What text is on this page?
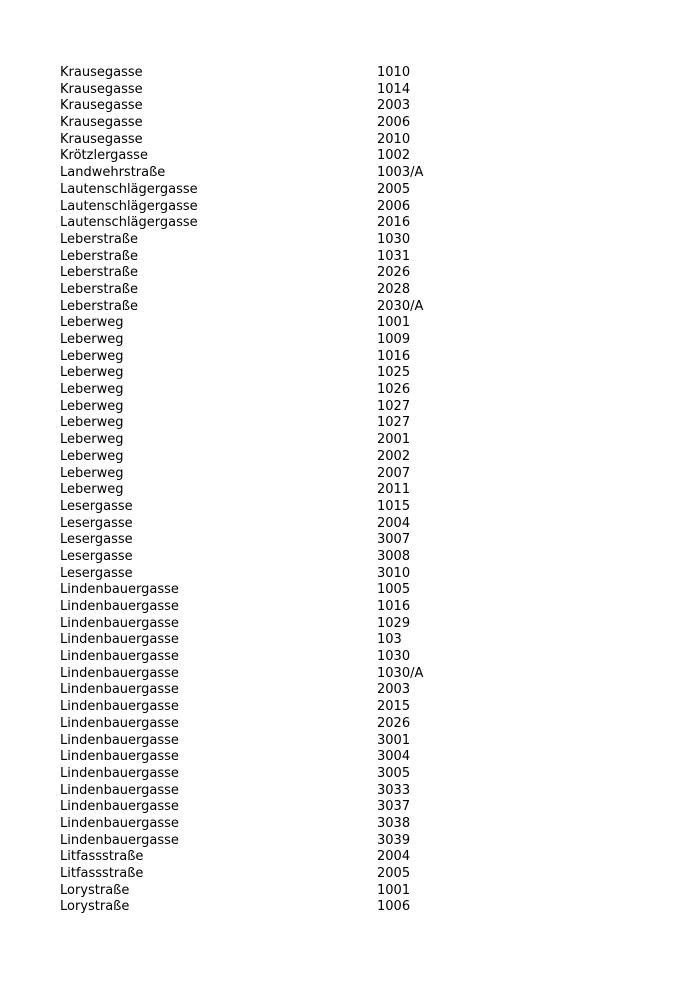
Krausegasse	1010
Krausegasse	1014
Krausegasse	2003
Krausegasse	2006
Krausegasse	2010
Krötzlergasse	1002
Landwehrstraße	1003/A
Lautenschlägergasse	2005
Lautenschlägergasse	2006
Lautenschlägergasse	2016
Leberstraße	1030
Leberstraße	1031
Leberstraße	2026
Leberstraße	2028
Leberstraße	2030/A
Leberweg	1001
Leberweg	1009
Leberweg	1016
Leberweg	1025
Leberweg	1026
Leberweg	1027
Leberweg	1027
Leberweg	2001
Leberweg	2002
Leberweg	2007
Leberweg	2011
Lesergasse	1015
Lesergasse	2004
Lesergasse	3007
Lesergasse	3008
Lesergasse	3010
Lindenbauergasse	1005
Lindenbauergasse	1016
Lindenbauergasse	1029
Lindenbauergasse	103
Lindenbauergasse	1030
Lindenbauergasse	1030/A
Lindenbauergasse	2003
Lindenbauergasse	2015
Lindenbauergasse	2026
Lindenbauergasse	3001
Lindenbauergasse	3004
Lindenbauergasse	3005
Lindenbauergasse	3033
Lindenbauergasse	3037
Lindenbauergasse	3038
Lindenbauergasse	3039
Litfassstraße	2004
Litfassstraße	2005
Lorystraße	1001
Lorystraße	1006
